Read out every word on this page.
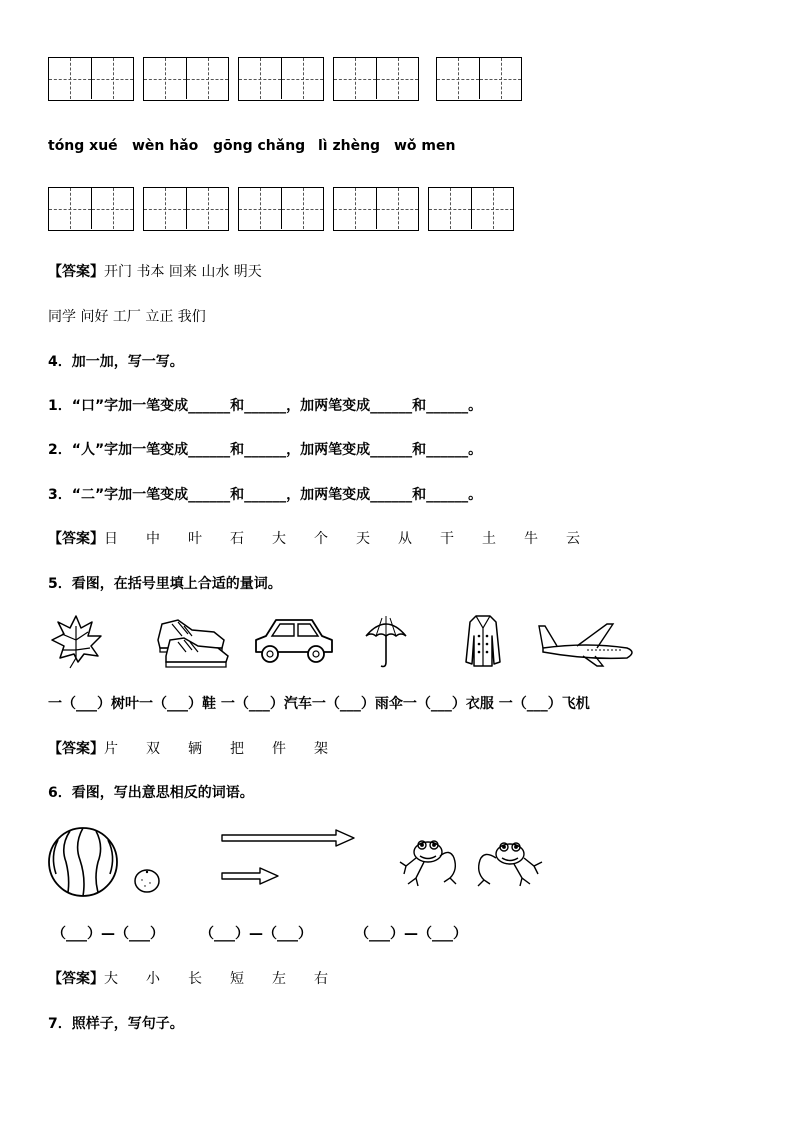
tóng xué wèn hǎo gōng chǎng lì zhèng wǒ men
【答案】开门 书本 回来 山水 明天
同学 问好 工厂 立正 我们
4．加一加，写一写。
1．“口”字加一笔变成______和______，加两笔变成______和______。
2．“人”字加一笔变成______和______，加两笔变成______和______。
3．“二”字加一笔变成______和______，加两笔变成______和______。
【答案】 日 中 叶 石 大 个 天 从 干 土 牛 云
5．看图，在括号里填上合适的量词。
一（___）树叶一（___）鞋 一（___）汽车一（___）雨伞一（___）衣服 一（___）飞机
【答案】 片 双 辆 把 件 架
6．看图，写出意思相反的词语。
（___）—（___）	（___）—（___）	（___）—（___）
【答案】 大 小 长 短 左 右
7．照样子，写句子。
